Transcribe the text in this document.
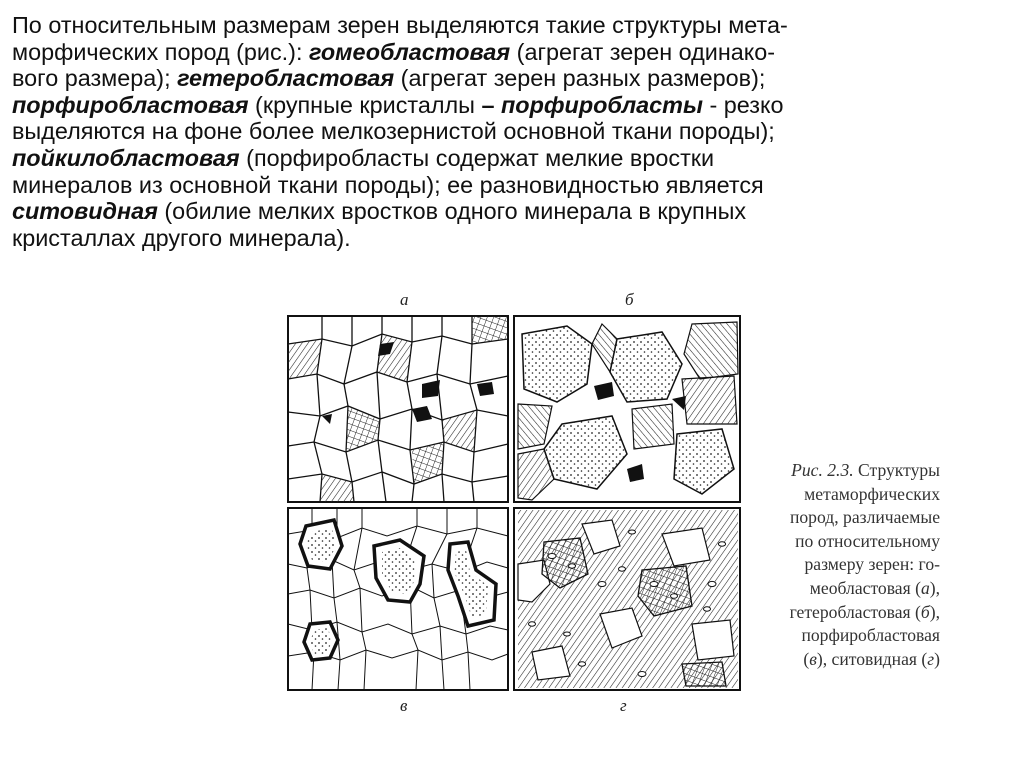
По относительным размерам зерен выделяются такие структуры мета-
морфических пород (рис.): гомеобластовая (агрегат зерен одинако-
вого размера); гетеробластовая (агрегат зерен разных размеров);
порфиробластовая (крупные кристаллы – порфиробласты - резко
выделяются на фоне более мелкозернистой основной ткани породы);
пойкилобластовая (порфиробласты содержат мелкие вростки
минералов из основной ткани породы); ее разновидностью является
ситовидная (обилие мелких вростков одного минерала в крупных
кристаллах другого минерала).
а	б
в	г
Рис. 2.3. Структуры
метаморфических
пород, различаемые
по относительному
размеру зерен: го-
меобластовая (а),
гетеробластовая (б),
порфиробластовая
(в), ситовидная (г)
